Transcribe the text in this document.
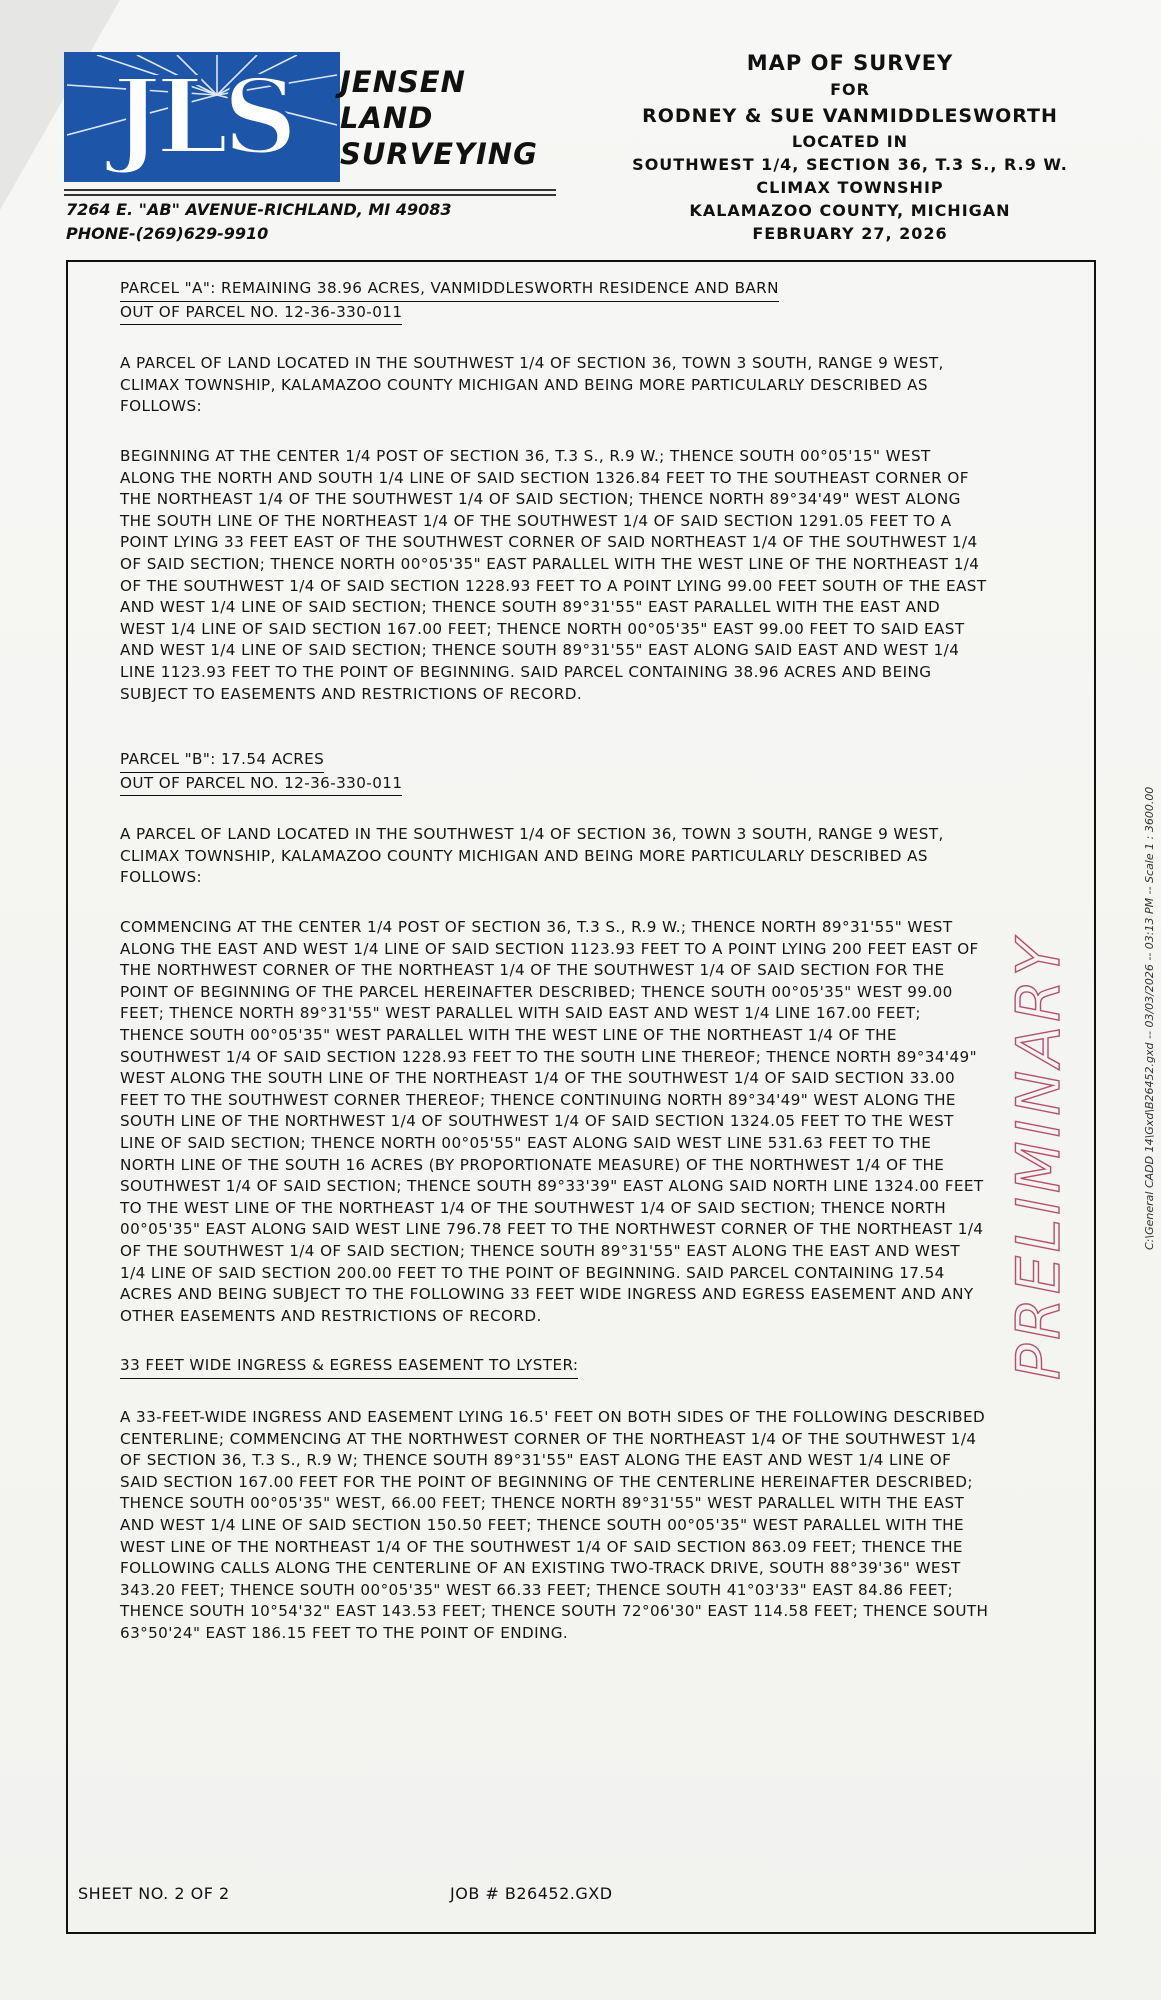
JLS JENSEN
LAND
SURVEYING
7264 E. "AB" AVENUE-RICHLAND, MI 49083
PHONE-(269)629-9910
MAP OF SURVEY
FOR
RODNEY & SUE VANMIDDLESWORTH
LOCATED IN
SOUTHWEST 1/4, SECTION 36, T.3 S., R.9 W.
CLIMAX TOWNSHIP
KALAMAZOO COUNTY, MICHIGAN
FEBRUARY 27, 2026
PARCEL "A": REMAINING 38.96 ACRES, VANMIDDLESWORTH RESIDENCE AND BARN
OUT OF PARCEL NO. 12-36-330-011

A PARCEL OF LAND LOCATED IN THE SOUTHWEST 1/4 OF SECTION 36, TOWN 3 SOUTH, RANGE 9 WEST, CLIMAX TOWNSHIP, KALAMAZOO COUNTY MICHIGAN AND BEING MORE PARTICULARLY DESCRIBED AS FOLLOWS:

BEGINNING AT THE CENTER 1/4 POST OF SECTION 36, T.3 S., R.9 W.; THENCE SOUTH 00°05'15" WEST ALONG THE NORTH AND SOUTH 1/4 LINE OF SAID SECTION 1326.84 FEET TO THE SOUTHEAST CORNER OF THE NORTHEAST 1/4 OF THE SOUTHWEST 1/4 OF SAID SECTION; THENCE NORTH 89°34'49" WEST ALONG THE SOUTH LINE OF THE NORTHEAST 1/4 OF THE SOUTHWEST 1/4 OF SAID SECTION 1291.05 FEET TO A POINT LYING 33 FEET EAST OF THE SOUTHWEST CORNER OF SAID NORTHEAST 1/4 OF THE SOUTHWEST 1/4 OF SAID SECTION; THENCE NORTH 00°05'35" EAST PARALLEL WITH THE WEST LINE OF THE NORTHEAST 1/4 OF THE SOUTHWEST 1/4 OF SAID SECTION 1228.93 FEET TO A POINT LYING 99.00 FEET SOUTH OF THE EAST AND WEST 1/4 LINE OF SAID SECTION; THENCE SOUTH 89°31'55" EAST PARALLEL WITH THE EAST AND WEST 1/4 LINE OF SAID SECTION 167.00 FEET; THENCE NORTH 00°05'35" EAST 99.00 FEET TO SAID EAST AND WEST 1/4 LINE OF SAID SECTION; THENCE SOUTH 89°31'55" EAST ALONG SAID EAST AND WEST 1/4 LINE 1123.93 FEET TO THE POINT OF BEGINNING. SAID PARCEL CONTAINING 38.96 ACRES AND BEING SUBJECT TO EASEMENTS AND RESTRICTIONS OF RECORD.

PARCEL "B": 17.54 ACRES
OUT OF PARCEL NO. 12-36-330-011

A PARCEL OF LAND LOCATED IN THE SOUTHWEST 1/4 OF SECTION 36, TOWN 3 SOUTH, RANGE 9 WEST, CLIMAX TOWNSHIP, KALAMAZOO COUNTY MICHIGAN AND BEING MORE PARTICULARLY DESCRIBED AS FOLLOWS:

COMMENCING AT THE CENTER 1/4 POST OF SECTION 36, T.3 S., R.9 W.; THENCE NORTH 89°31'55" WEST ALONG THE EAST AND WEST 1/4 LINE OF SAID SECTION 1123.93 FEET TO A POINT LYING 200 FEET EAST OF THE NORTHWEST CORNER OF THE NORTHEAST 1/4 OF THE SOUTHWEST 1/4 OF SAID SECTION FOR THE POINT OF BEGINNING OF THE PARCEL HEREINAFTER DESCRIBED; THENCE SOUTH 00°05'35" WEST 99.00 FEET; THENCE NORTH 89°31'55" WEST PARALLEL WITH SAID EAST AND WEST 1/4 LINE 167.00 FEET; THENCE SOUTH 00°05'35" WEST PARALLEL WITH THE WEST LINE OF THE NORTHEAST 1/4 OF THE SOUTHWEST 1/4 OF SAID SECTION 1228.93 FEET TO THE SOUTH LINE THEREOF; THENCE NORTH 89°34'49" WEST ALONG THE SOUTH LINE OF THE NORTHEAST 1/4 OF THE SOUTHWEST 1/4 OF SAID SECTION 33.00 FEET TO THE SOUTHWEST CORNER THEREOF; THENCE CONTINUING NORTH 89°34'49" WEST ALONG THE SOUTH LINE OF THE NORTHWEST 1/4 OF SOUTHWEST 1/4 OF SAID SECTION 1324.05 FEET TO THE WEST LINE OF SAID SECTION; THENCE NORTH 00°05'55" EAST ALONG SAID WEST LINE 531.63 FEET TO THE NORTH LINE OF THE SOUTH 16 ACRES (BY PROPORTIONATE MEASURE) OF THE NORTHWEST 1/4 OF THE SOUTHWEST 1/4 OF SAID SECTION; THENCE SOUTH 89°33'39" EAST ALONG SAID NORTH LINE 1324.00 FEET TO THE WEST LINE OF THE NORTHEAST 1/4 OF THE SOUTHWEST 1/4 OF SAID SECTION; THENCE NORTH 00°05'35" EAST ALONG SAID WEST LINE 796.78 FEET TO THE NORTHWEST CORNER OF THE NORTHEAST 1/4 OF THE SOUTHWEST 1/4 OF SAID SECTION; THENCE SOUTH 89°31'55" EAST ALONG THE EAST AND WEST 1/4 LINE OF SAID SECTION 200.00 FEET TO THE POINT OF BEGINNING. SAID PARCEL CONTAINING 17.54 ACRES AND BEING SUBJECT TO THE FOLLOWING 33 FEET WIDE INGRESS AND EGRESS EASEMENT AND ANY OTHER EASEMENTS AND RESTRICTIONS OF RECORD.

33 FEET WIDE INGRESS & EGRESS EASEMENT TO LYSTER:

A 33-FEET-WIDE INGRESS AND EASEMENT LYING 16.5' FEET ON BOTH SIDES OF THE FOLLOWING DESCRIBED CENTERLINE; COMMENCING AT THE NORTHWEST CORNER OF THE NORTHEAST 1/4 OF THE SOUTHWEST 1/4 OF SECTION 36, T.3 S., R.9 W; THENCE SOUTH 89°31'55" EAST ALONG THE EAST AND WEST 1/4 LINE OF SAID SECTION 167.00 FEET FOR THE POINT OF BEGINNING OF THE CENTERLINE HEREINAFTER DESCRIBED; THENCE SOUTH 00°05'35" WEST, 66.00 FEET; THENCE NORTH 89°31'55" WEST PARALLEL WITH THE EAST AND WEST 1/4 LINE OF SAID SECTION 150.50 FEET; THENCE SOUTH 00°05'35" WEST PARALLEL WITH THE WEST LINE OF THE NORTHEAST 1/4 OF THE SOUTHWEST 1/4 OF SAID SECTION 863.09 FEET; THENCE THE FOLLOWING CALLS ALONG THE CENTERLINE OF AN EXISTING TWO-TRACK DRIVE, SOUTH 88°39'36" WEST 343.20 FEET; THENCE SOUTH 00°05'35" WEST 66.33 FEET; THENCE SOUTH 41°03'33" EAST 84.86 FEET; THENCE SOUTH 10°54'32" EAST 143.53 FEET; THENCE SOUTH 72°06'30" EAST 114.58 FEET; THENCE SOUTH 63°50'24" EAST 186.15 FEET TO THE POINT OF ENDING.

PRELIMINARY	C:\General CADD 14\Gxd\B26452.gxd -- 03/03/2026 -- 03:13 PM -- Scale 1 : 3600.00
SHEET NO. 2 OF 2	JOB # B26452.GXD
